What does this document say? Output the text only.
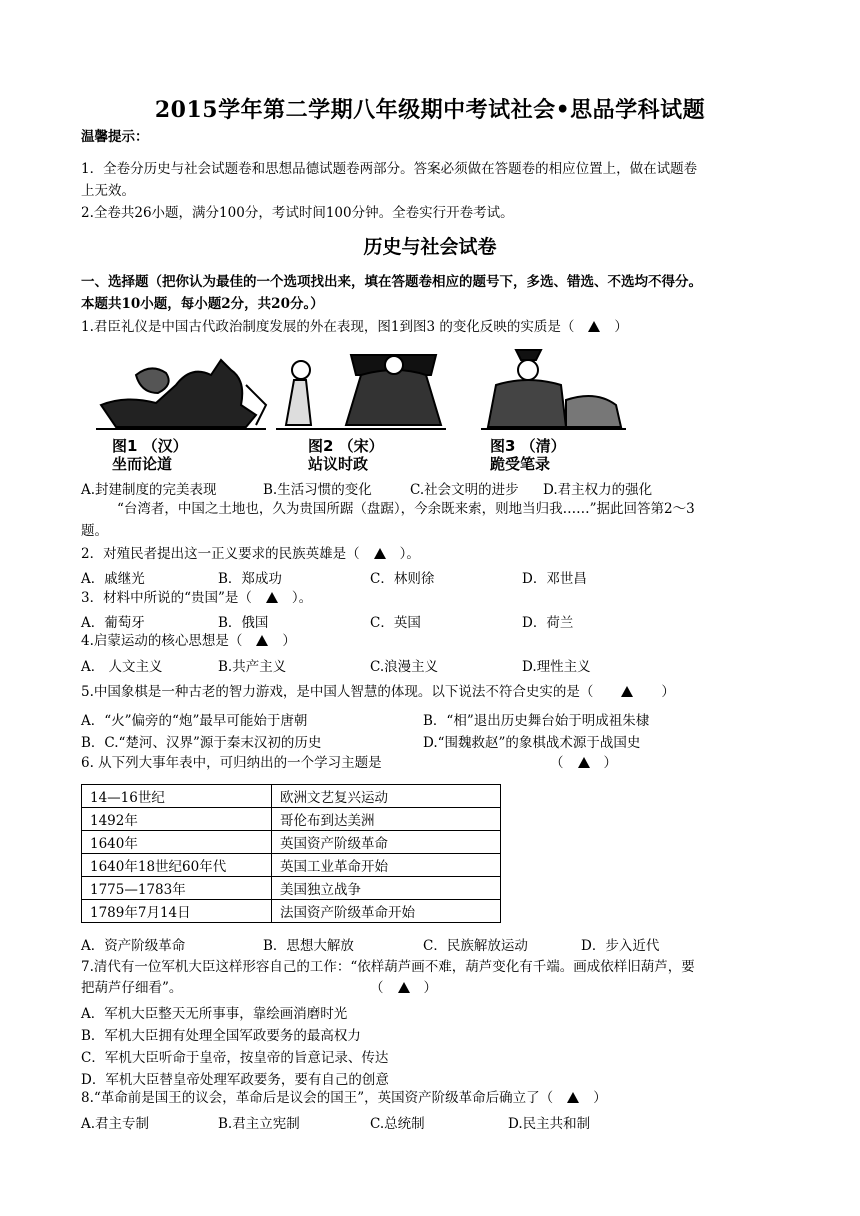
2015学年第二学期八年级期中考试社会•思品学科试题
温馨提示：
1．全卷分历史与社会试题卷和思想品德试题卷两部分。答案必须做在答题卷的相应位置上，做在试题卷
上无效。
2.全卷共26小题，满分100分，考试时间100分钟。全卷实行开卷考试。
历史与社会试卷
一、选择题（把你认为最佳的一个选项找出来，填在答题卷相应的题号下，多选、错选、不选均不得分。
本题共10小题，每小题2分，共20分。）
1.君臣礼仪是中国古代政治制度发展的外在表现，图1到图3 的变化反映的实质是（	）
图1 （汉）
坐而论道
图2 （宋）
站议时政
图3 （清）
跪受笔录
A.封建制度的完美表现	B.生活习惯的变化	C.社会文明的进步 D.君主权力的强化
“台湾者，中国之土地也，久为贵国所踞（盘踞），今余既来索，则地当归我……”据此回答第2～3
题。
2．对殖民者提出这一正义要求的民族英雄是（	）。
A．戚继光	B．郑成功	C．林则徐	D．邓世昌
3．材料中所说的“贵国”是（	）。
A．葡萄牙	B．俄国	C．英国	D．荷兰
4.启蒙运动的核心思想是（	）
A． 人文主义	B.共产主义	C.浪漫主义	D.理性主义
5.中国象棋是一种古老的智力游戏，是中国人智慧的体现。以下说法不符合史实的是（	）
A．“火”偏旁的“炮”最早可能始于唐朝	B．“相”退出历史舞台始于明成祖朱棣
B．C.“楚河、汉界”源于秦末汉初的历史	D.“围魏救赵”的象棋战术源于战国史
6. 从下列大事年表中，可归纳出的一个学习主题是	（	）
14—16世纪	欧洲文艺复兴运动
1492年	哥伦布到达美洲
1640年	英国资产阶级革命
1640年18世纪60年代	英国工业革命开始
1775—1783年	美国独立战争
1789年7月14日	法国资产阶级革命开始
A．资产阶级革命	B．思想大解放	C．民族解放运动	D．步入近代
7.清代有一位军机大臣这样形容自己的工作：“依样葫芦画不难，葫芦变化有千端。画成依样旧葫芦，要
把葫芦仔细看”。	（	）
A．军机大臣整天无所事事，靠绘画消磨时光
B．军机大臣拥有处理全国军政要务的最高权力
C．军机大臣听命于皇帝，按皇帝的旨意记录、传达
D．军机大臣替皇帝处理军政要务，要有自己的创意
8.“革命前是国王的议会，革命后是议会的国王”，英国资产阶级革命后确立了（	）
A.君主专制	B.君主立宪制	C.总统制	D.民主共和制
